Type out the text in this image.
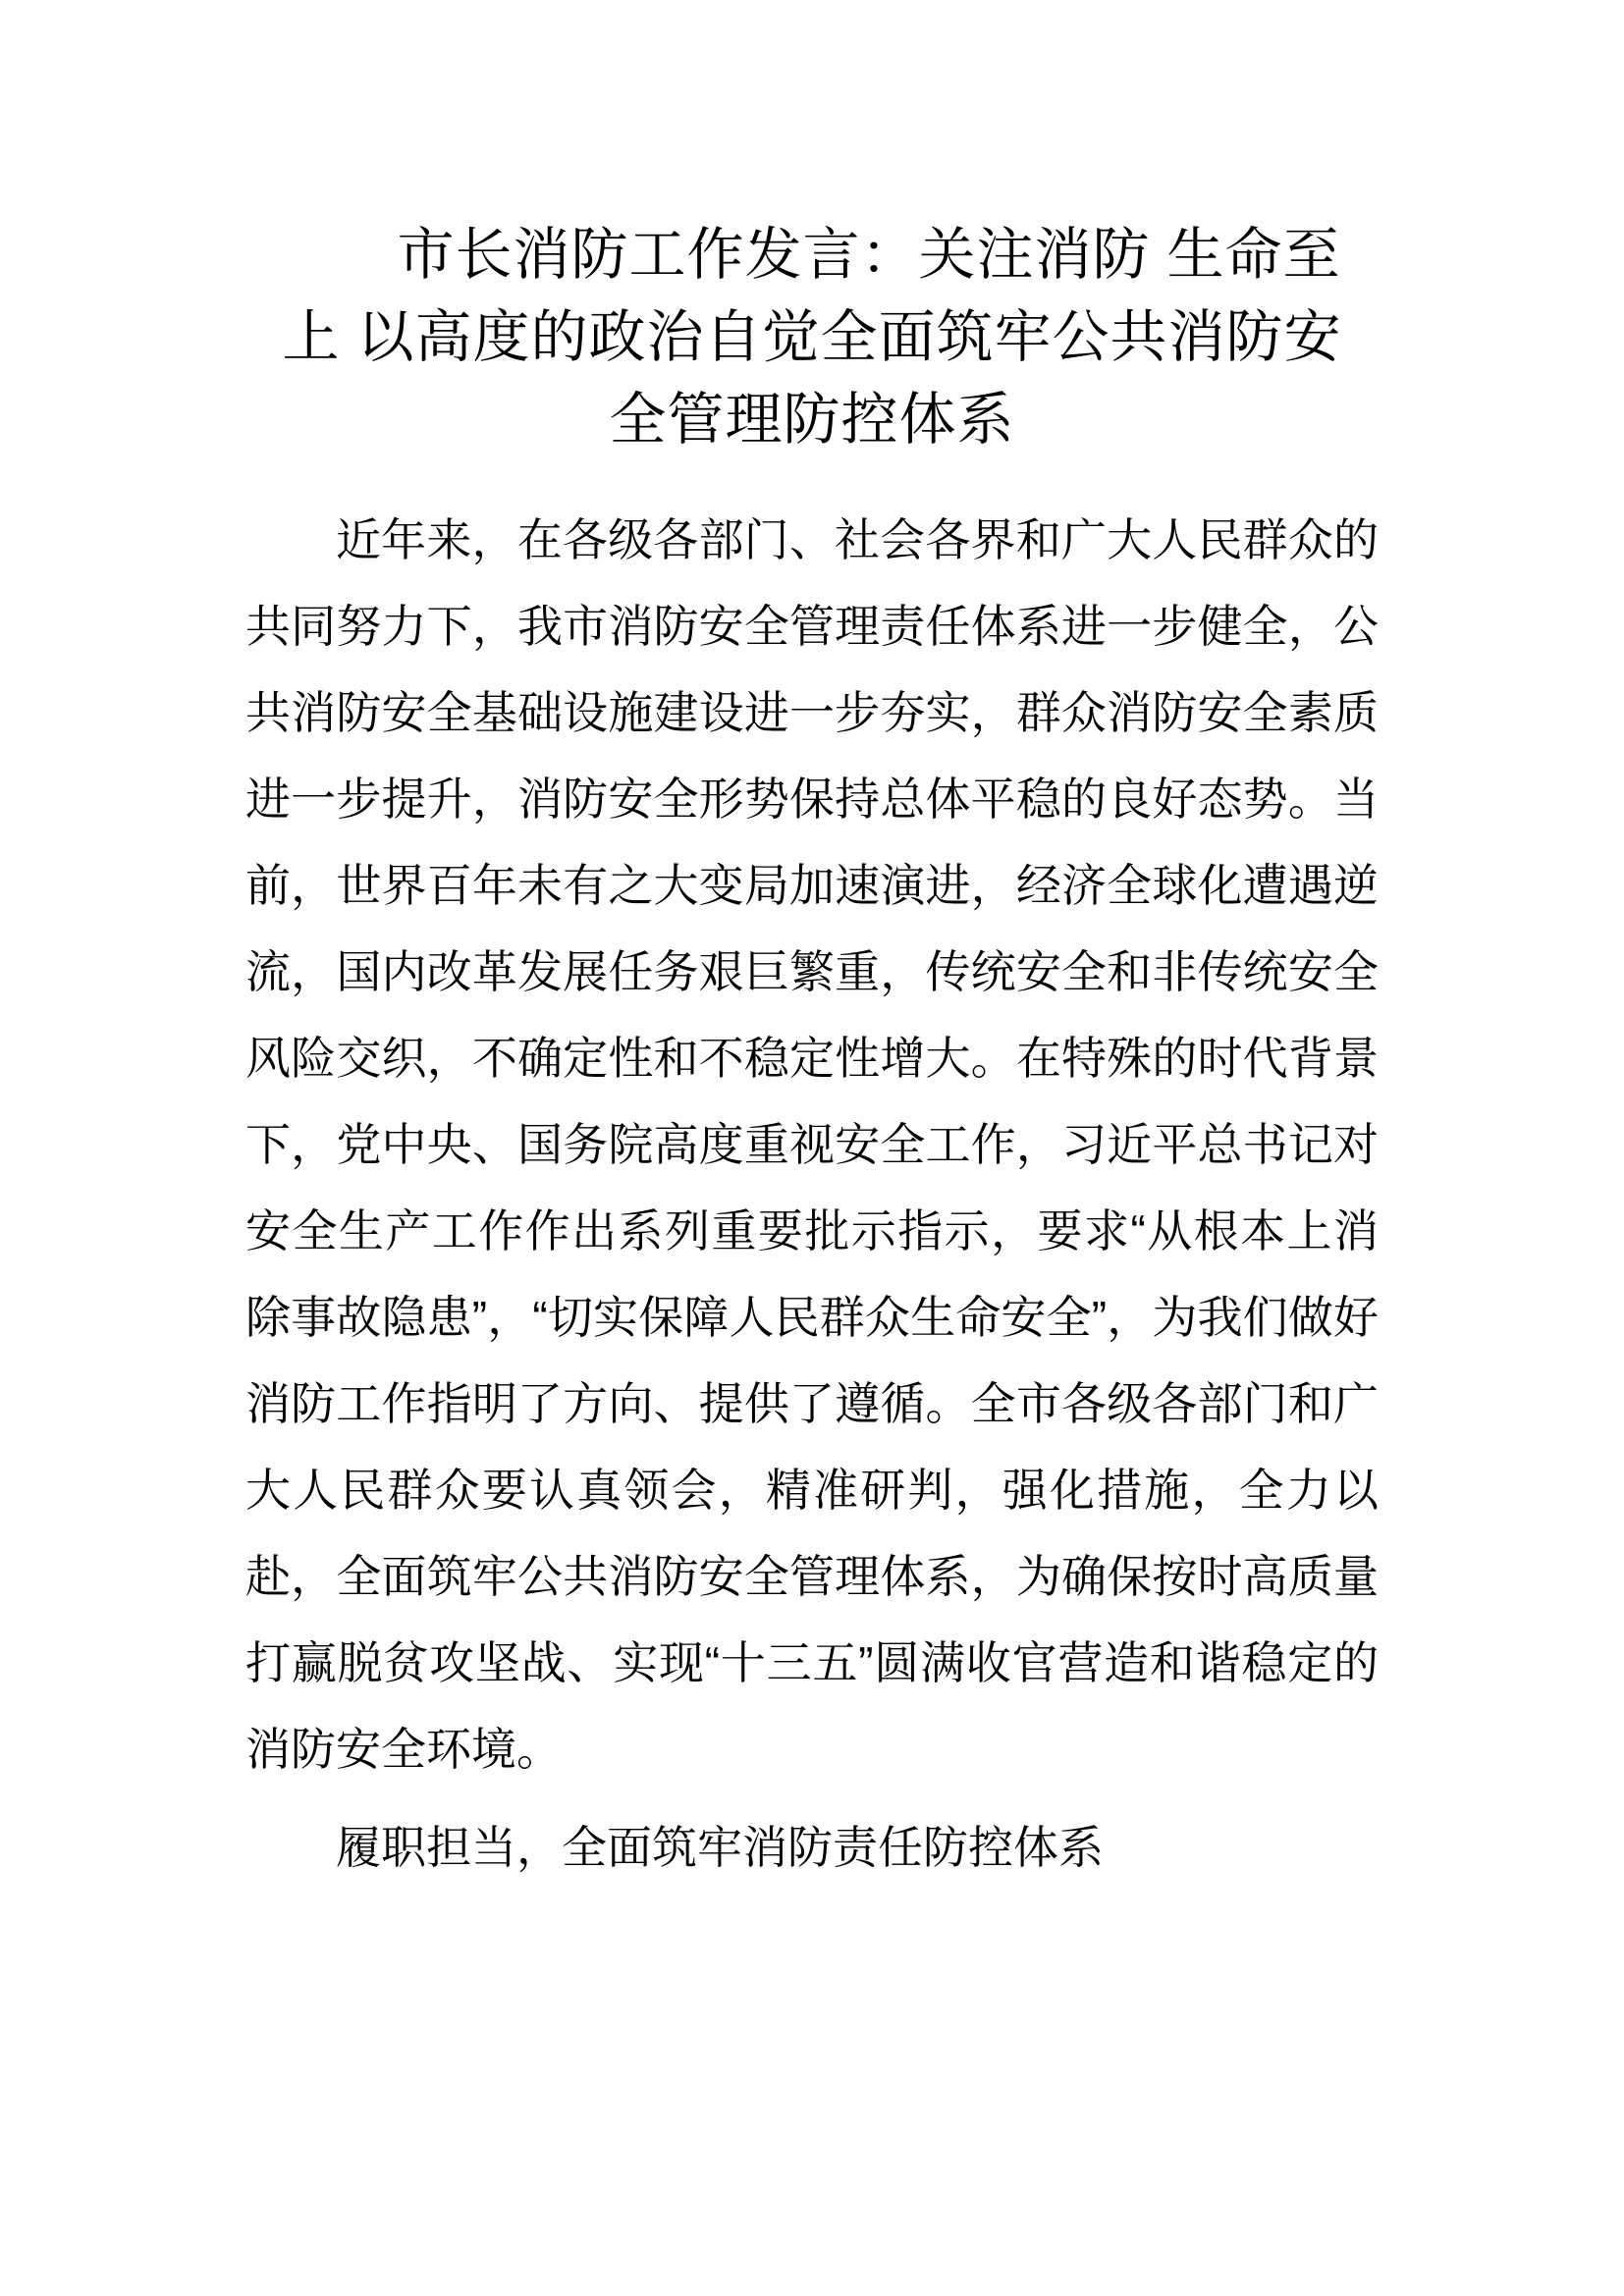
市长消防工作发言：关注消防 生命至
上 以高度的政治自觉全面筑牢公共消防安
全管理防控体系

近年来，在各级各部门、社会各界和广大人民群众的共同努力下，我市消防安全管理责任体系进一步健全，公共消防安全基础设施建设进一步夯实，群众消防安全素质进一步提升，消防安全形势保持总体平稳的良好态势。当前，世界百年未有之大变局加速演进，经济全球化遭遇逆流，国内改革发展任务艰巨繁重，传统安全和非传统安全风险交织，不确定性和不稳定性增大。在特殊的时代背景下，党中央、国务院高度重视安全工作，习近平总书记对安全生产工作作出系列重要批示指示，要求“从根本上消除事故隐患”，“切实保障人民群众生命安全”，为我们做好消防工作指明了方向、提供了遵循。全市各级各部门和广大人民群众要认真领会，精准研判，强化措施，全力以赴，全面筑牢公共消防安全管理体系，为确保按时高质量打赢脱贫攻坚战、实现“十三五”圆满收官营造和谐稳定的消防安全环境。

履职担当，全面筑牢消防责任防控体系
